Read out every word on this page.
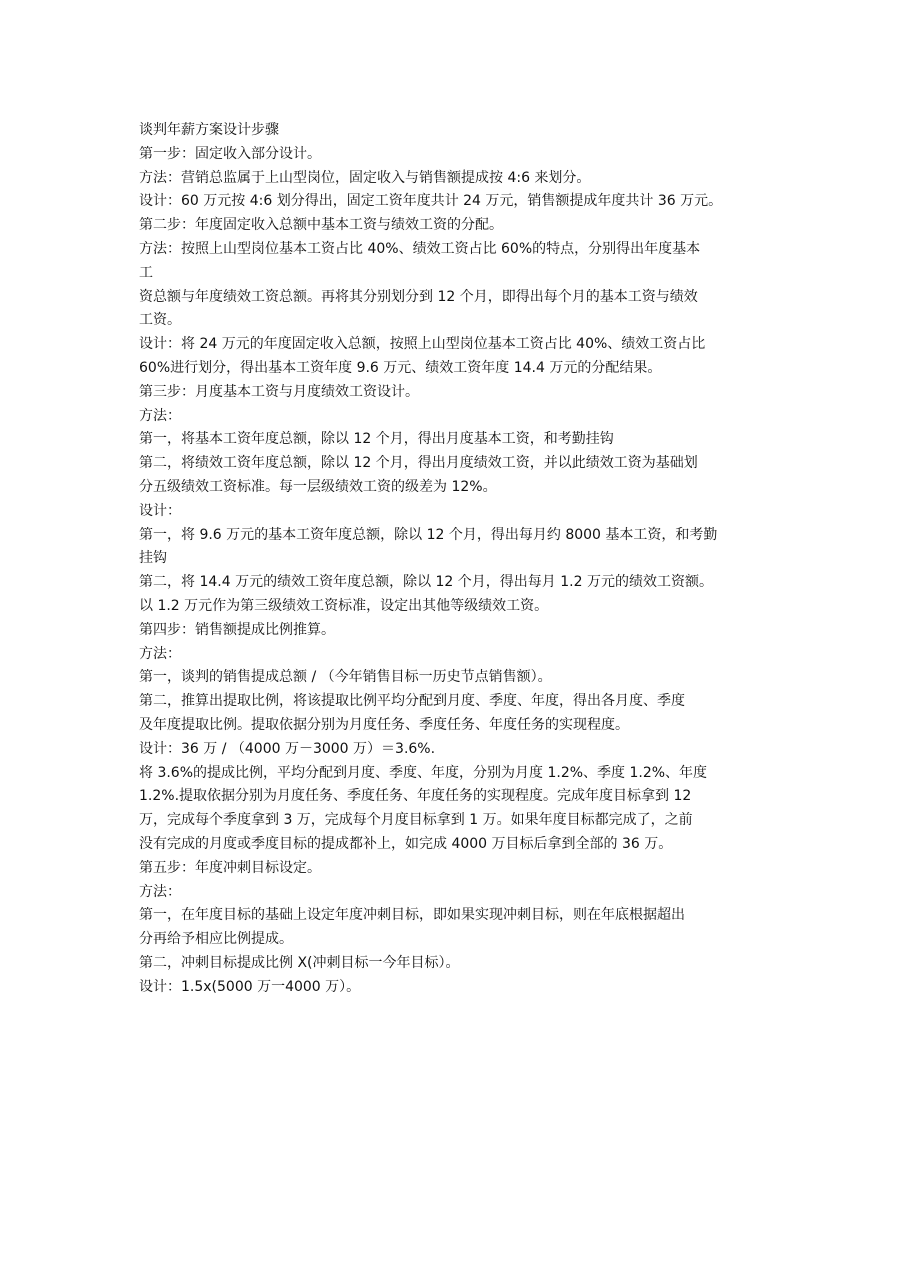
谈判年薪方案设计步骤
第一步：固定收入部分设计。
方法：营销总监属于上山型岗位，固定收入与销售额提成按 4:6 来划分。
设计：60 万元按 4:6 划分得出，固定工资年度共计 24 万元，销售额提成年度共计 36 万元。
第二步：年度固定收入总额中基本工资与绩效工资的分配。
方法：按照上山型岗位基本工资占比 40%、绩效工资占比 60%的特点，分别得出年度基本
工
资总额与年度绩效工资总额。再将其分别划分到 12 个月，即得出每个月的基本工资与绩效
工资。
设计：将 24 万元的年度固定收入总额，按照上山型岗位基本工资占比 40%、绩效工资占比
60%进行划分，得出基本工资年度 9.6 万元、绩效工资年度 14.4 万元的分配结果。
第三步：月度基本工资与月度绩效工资设计。
方法：
第一，将基本工资年度总额，除以 12 个月，得出月度基本工资，和考勤挂钩
第二，将绩效工资年度总额，除以 12 个月，得出月度绩效工资，并以此绩效工资为基础划
分五级绩效工资标准。每一层级绩效工资的级差为 12%。
设计：
第一，将 9.6 万元的基本工资年度总额，除以 12 个月，得出每月约 8000 基本工资，和考勤
挂钩
第二，将 14.4 万元的绩效工资年度总额，除以 12 个月，得出每月 1.2 万元的绩效工资额。
以 1.2 万元作为第三级绩效工资标准，设定出其他等级绩效工资。
第四步：销售额提成比例推算。
方法：
第一，谈判的销售提成总额 / （今年销售目标一历史节点销售额）。
第二，推算出提取比例，将该提取比例平均分配到月度、季度、年度，得出各月度、季度
及年度提取比例。提取依据分别为月度任务、季度任务、年度任务的实现程度。
设计：36 万 / （4000 万－3000 万）＝3.6%.
将 3.6%的提成比例，平均分配到月度、季度、年度，分别为月度 1.2%、季度 1.2%、年度
1.2%.提取依据分别为月度任务、季度任务、年度任务的实现程度。完成年度目标拿到 12
万，完成每个季度拿到 3 万，完成每个月度目标拿到 1 万。如果年度目标都完成了，之前
没有完成的月度或季度目标的提成都补上，如完成 4000 万目标后拿到全部的 36 万。
第五步：年度冲刺目标设定。
方法：
第一，在年度目标的基础上设定年度冲刺目标，即如果实现冲刺目标，则在年底根据超出
分再给予相应比例提成。
第二，冲刺目标提成比例 X(冲刺目标一今年目标）。
设计：1.5x(5000 万一4000 万）。
